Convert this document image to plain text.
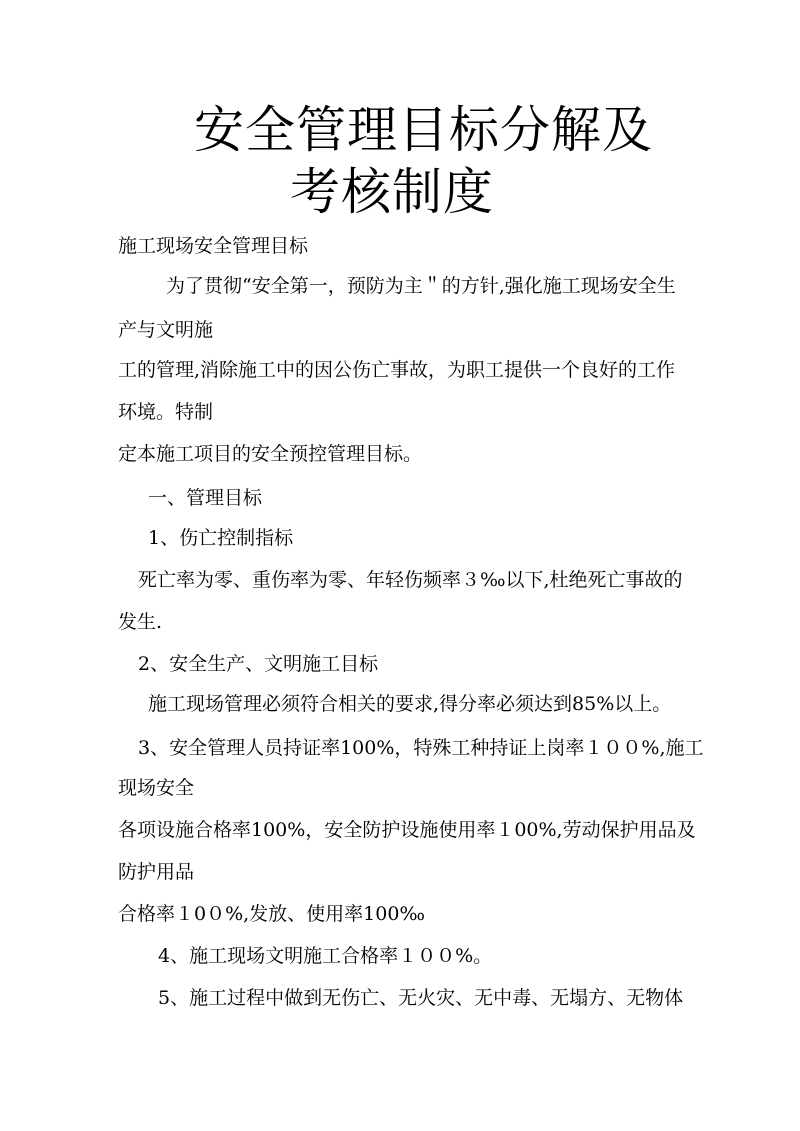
安全管理目标分解及
考核制度
施工现场安全管理目标
为了贯彻“安全第一，预防为主＂的方针,强化施工现场安全生
产与文明施
工的管理,消除施工中的因公伤亡事故，为职工提供一个良好的工作
环境。特制
定本施工项目的安全预控管理目标。
一、管理目标
1、伤亡控制指标
死亡率为零、重伤率为零、年轻伤频率３‰以下,杜绝死亡事故的
发生.
2、安全生产、文明施工目标
施工现场管理必须符合相关的要求,得分率必须达到85%以上。
3、安全管理人员持证率100%，特殊工种持证上岗率１００%,施工
现场安全
各项设施合格率100%，安全防护设施使用率１00%,劳动保护用品及
防护用品
合格率１0０%,发放、使用率100‰
4、施工现场文明施工合格率１００%。
5、施工过程中做到无伤亡、无火灾、无中毒、无塌方、无物体
